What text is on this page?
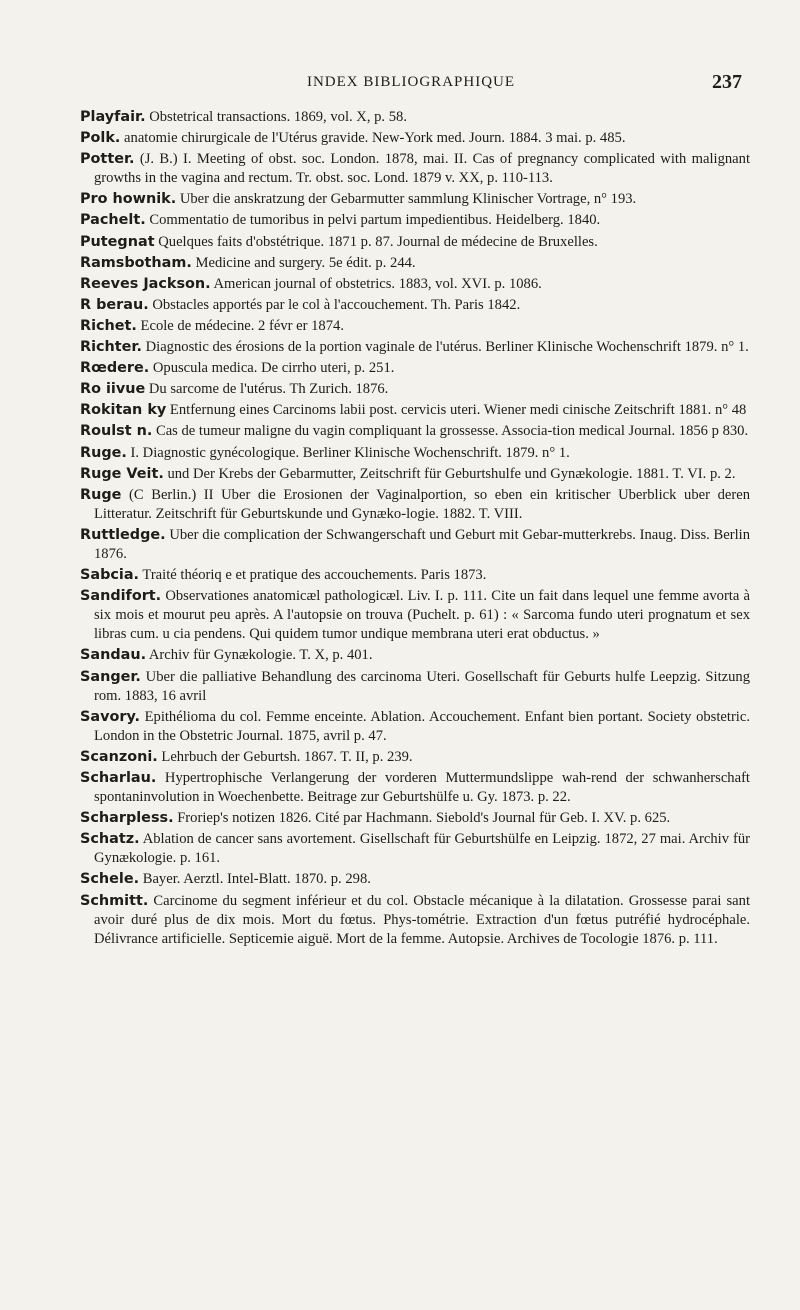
INDEX BIBLIOGRAPHIQUE	237

Playfair. Obstetrical transactions. 1869, vol. X, p. 58.

Polk. anatomie chirurgicale de l'Utérus gravide. New-York med. Journ. 1884. 3 mai. p. 485.

Potter. (J. B.) I. Meeting of obst. soc. London. 1878, mai. II. Cas of pregnancy complicated with malignant growths in the vagina and rectum. Tr. obst. soc. Lond. 1879 v. XX, p. 110-113.

Pro hownik. Uber die anskratzung der Gebarmutter sammlung Klinischer Vortrage, n° 193.

Pachelt. Commentatio de tumoribus in pelvi partum impedientibus. Heidelberg. 1840.

Putegnat Quelques faits d'obstétrique. 1871 p. 87. Journal de médecine de Bruxelles.

Ramsbotham. Medicine and surgery. 5e édit. p. 244.

Reeves Jackson. American journal of obstetrics. 1883, vol. XVI. p. 1086.

R berau. Obstacles apportés par le col à l'accouchement. Th. Paris 1842.

Richet. Ecole de médecine. 2 févr er 1874.

Richter. Diagnostic des érosions de la portion vaginale de l'utérus. Berliner Klinische Wochenschrift 1879. n° 1.

Rœdere. Opuscula medica. De cirrho uteri, p. 251.

Ro iivue Du sarcome de l'utérus. Th Zurich. 1876.

Rokitan ky Entfernung eines Carcinoms labii post. cervicis uteri. Wiener medi cinische Zeitschrift 1881. n° 48

Roulst n. Cas de tumeur maligne du vagin compliquant la grossesse. Associa-tion medical Journal. 1856 p 830.

Ruge. I. Diagnostic gynécologique. Berliner Klinische Wochenschrift. 1879. n° 1.

Ruge Veit. und Der Krebs der Gebarmutter, Zeitschrift für Geburtshulfe und Gynækologie. 1881. T. VI. p. 2.

Ruge (C Berlin.) II Uber die Erosionen der Vaginalportion, so eben ein kritischer Uberblick uber deren Litteratur. Zeitschrift für Geburtskunde und Gynæko-logie. 1882. T. VIII.

Ruttledge. Uber die complication der Schwangerschaft und Geburt mit Gebar-mutterkrebs. Inaug. Diss. Berlin 1876.

Sabcia. Traité théoriq e et pratique des accouchements. Paris 1873.

Sandifort. Observationes anatomicæl pathologicæl. Liv. I. p. 111. Cite un fait dans lequel une femme avorta à six mois et mourut peu après. A l'autopsie on trouva (Puchelt. p. 61) : « Sarcoma fundo uteri prognatum et sex libras cum. u cia pendens. Qui quidem tumor undique membrana uteri erat obductus. »

Sandau. Archiv für Gynækologie. T. X, p. 401.

Sanger. Uber die palliative Behandlung des carcinoma Uteri. Gosellschaft für Geburts hulfe Leepzig. Sitzung rom. 1883, 16 avril

Savory. Epithélioma du col. Femme enceinte. Ablation. Accouchement. Enfant bien portant. Society obstetric. London in the Obstetric Journal. 1875, avril p. 47.

Scanzoni. Lehrbuch der Geburtsh. 1867. T. II, p. 239.

Scharlau. Hypertrophische Verlangerung der vorderen Muttermundslippe wah-rend der schwanherschaft spontaninvolution in Woechenbette. Beitrage zur Geburtshülfe u. Gy. 1873. p. 22.

Scharpless. Froriep's notizen 1826. Cité par Hachmann. Siebold's Journal für Geb. I. XV. p. 625.

Schatz. Ablation de cancer sans avortement. Gisellschaft für Geburtshülfe en Leipzig. 1872, 27 mai. Archiv für Gynækologie. p. 161.

Schele. Bayer. Aerztl. Intel-Blatt. 1870. p. 298.

Schmitt. Carcinome du segment inférieur et du col. Obstacle mécanique à la dilatation. Grossesse parai sant avoir duré plus de dix mois. Mort du fœtus. Phys-tométrie. Extraction d'un fœtus putréfié hydrocéphale. Délivrance artificielle. Septicemie aiguë. Mort de la femme. Autopsie. Archives de Tocologie 1876. p. 111.
